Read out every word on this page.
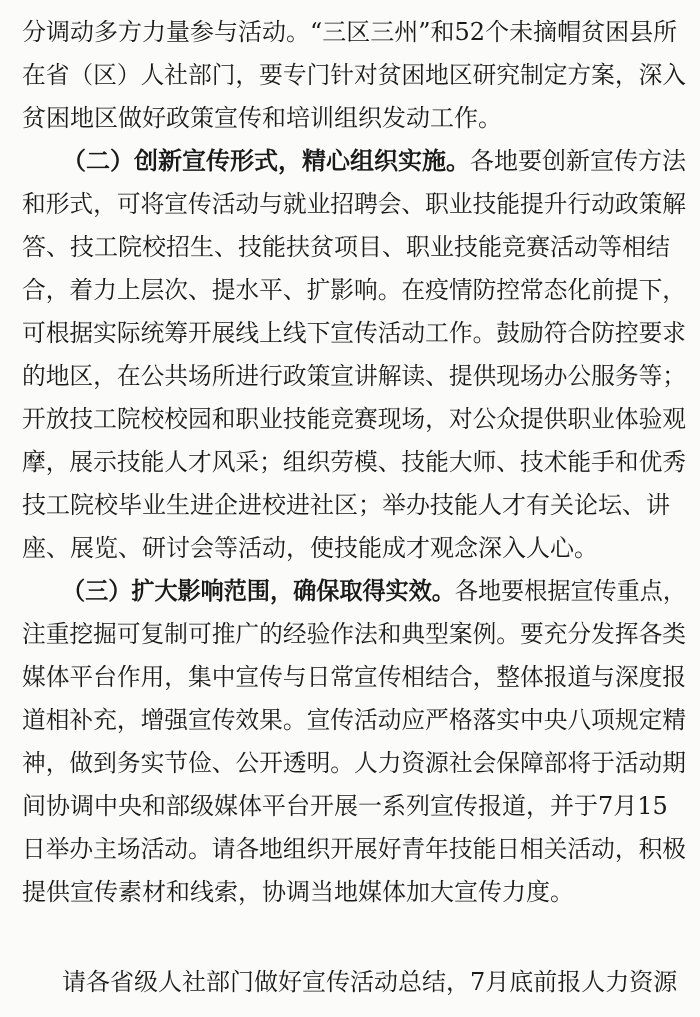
分调动多方力量参与活动。“三区三州”和52个未摘帽贫困县所
在省（区）人社部门，要专门针对贫困地区研究制定方案，深入
贫困地区做好政策宣传和培训组织发动工作。
（二）创新宣传形式，精心组织实施。各地要创新宣传方法
和形式，可将宣传活动与就业招聘会、职业技能提升行动政策解
答、技工院校招生、技能扶贫项目、职业技能竞赛活动等相结
合，着力上层次、提水平、扩影响。在疫情防控常态化前提下，
可根据实际统筹开展线上线下宣传活动工作。鼓励符合防控要求
的地区，在公共场所进行政策宣讲解读、提供现场办公服务等；
开放技工院校校园和职业技能竞赛现场，对公众提供职业体验观
摩，展示技能人才风采；组织劳模、技能大师、技术能手和优秀
技工院校毕业生进企进校进社区；举办技能人才有关论坛、讲
座、展览、研讨会等活动，使技能成才观念深入人心。
（三）扩大影响范围，确保取得实效。各地要根据宣传重点，
注重挖掘可复制可推广的经验作法和典型案例。要充分发挥各类
媒体平台作用，集中宣传与日常宣传相结合，整体报道与深度报
道相补充，增强宣传效果。宣传活动应严格落实中央八项规定精
神，做到务实节俭、公开透明。人力资源社会保障部将于活动期
间协调中央和部级媒体平台开展一系列宣传报道，并于7月15
日举办主场活动。请各地组织开展好青年技能日相关活动，积极
提供宣传素材和线索，协调当地媒体加大宣传力度。
请各省级人社部门做好宣传活动总结，7月底前报人力资源
